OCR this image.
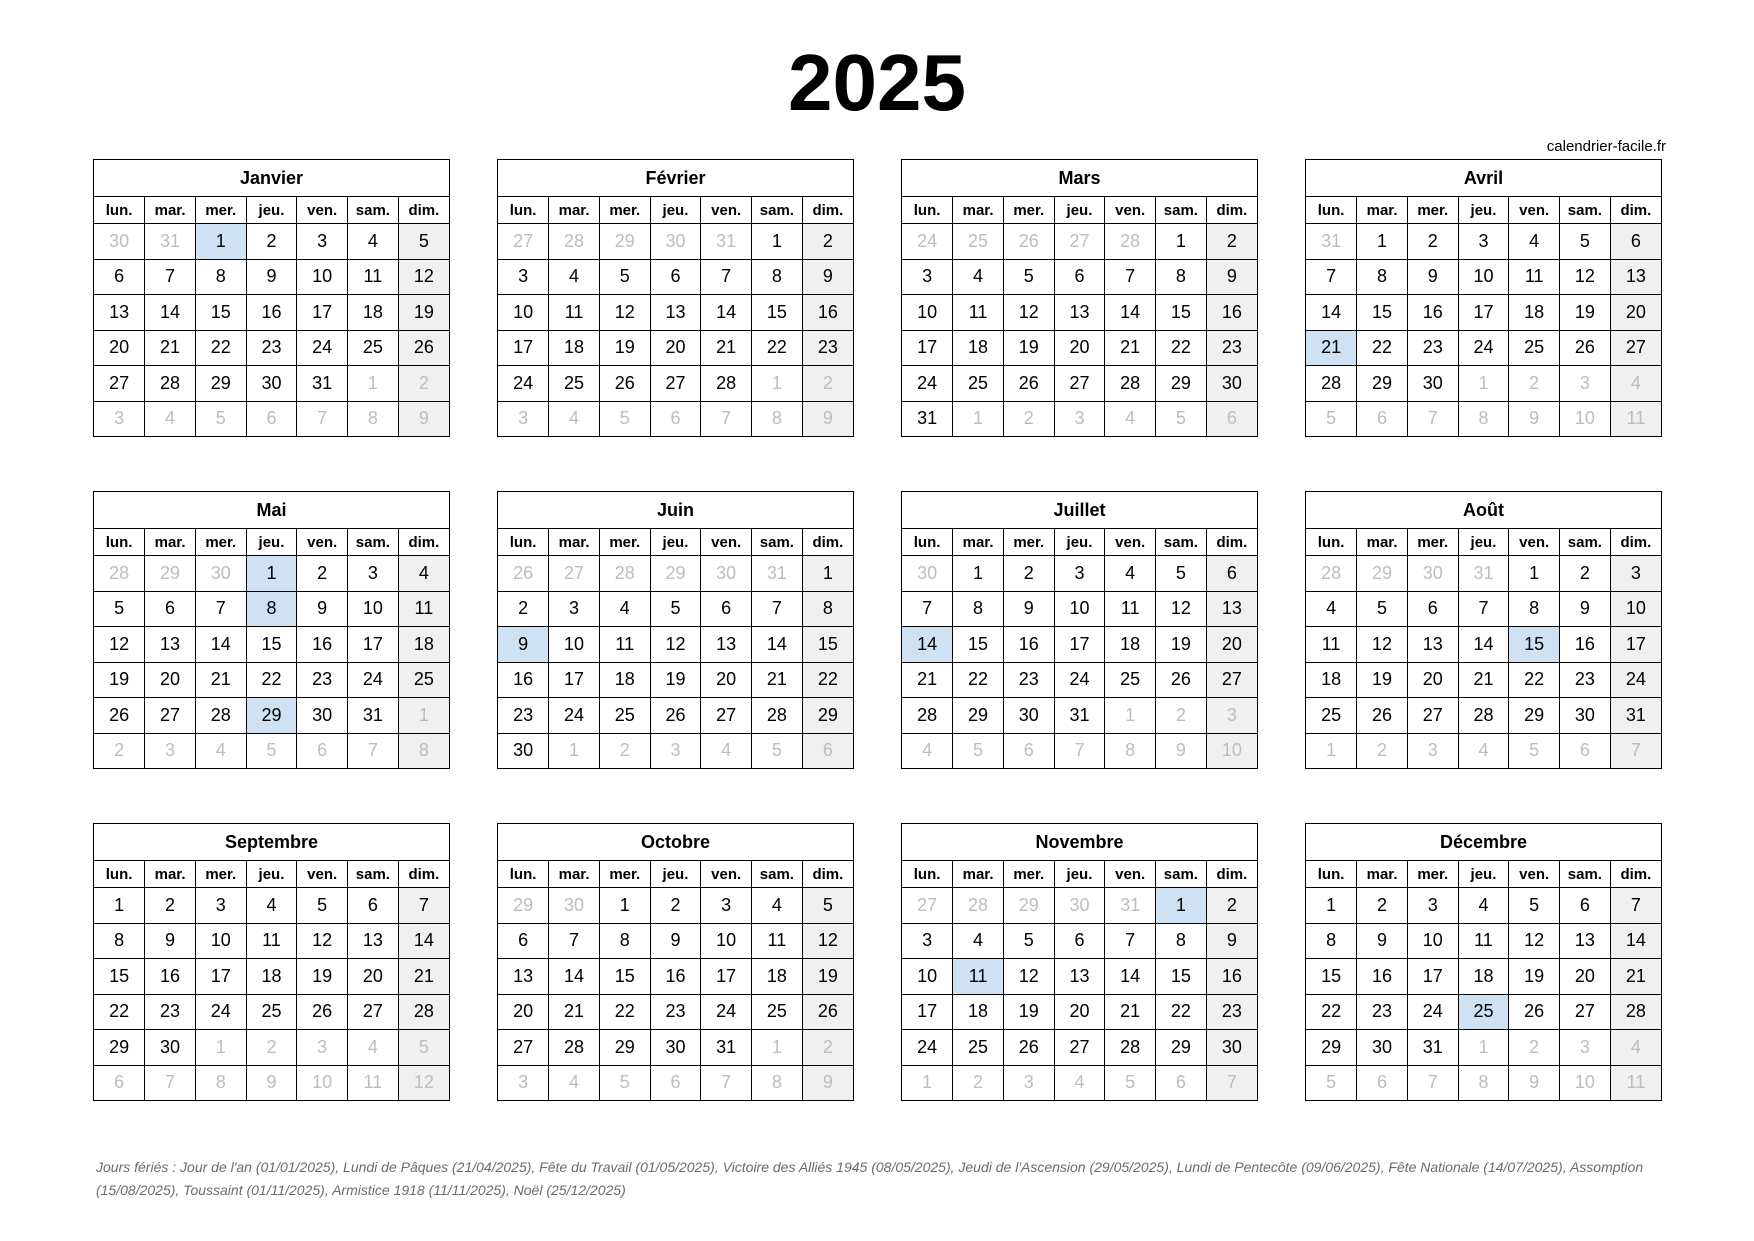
2025
calendrier-facile.fr
Janvier
lun.	mar.	mer.	jeu.	ven.	sam.	dim.
30	31	1	2	3	4	5
6	7	8	9	10	11	12
13	14	15	16	17	18	19
20	21	22	23	24	25	26
27	28	29	30	31	1	2
3	4	5	6	7	8	9
Février
lun.	mar.	mer.	jeu.	ven.	sam.	dim.
27	28	29	30	31	1	2
3	4	5	6	7	8	9
10	11	12	13	14	15	16
17	18	19	20	21	22	23
24	25	26	27	28	1	2
3	4	5	6	7	8	9
Mars
lun.	mar.	mer.	jeu.	ven.	sam.	dim.
24	25	26	27	28	1	2
3	4	5	6	7	8	9
10	11	12	13	14	15	16
17	18	19	20	21	22	23
24	25	26	27	28	29	30
31	1	2	3	4	5	6
Avril
lun.	mar.	mer.	jeu.	ven.	sam.	dim.
31	1	2	3	4	5	6
7	8	9	10	11	12	13
14	15	16	17	18	19	20
21	22	23	24	25	26	27
28	29	30	1	2	3	4
5	6	7	8	9	10	11
Mai
lun.	mar.	mer.	jeu.	ven.	sam.	dim.
28	29	30	1	2	3	4
5	6	7	8	9	10	11
12	13	14	15	16	17	18
19	20	21	22	23	24	25
26	27	28	29	30	31	1
2	3	4	5	6	7	8
Juin
lun.	mar.	mer.	jeu.	ven.	sam.	dim.
26	27	28	29	30	31	1
2	3	4	5	6	7	8
9	10	11	12	13	14	15
16	17	18	19	20	21	22
23	24	25	26	27	28	29
30	1	2	3	4	5	6
Juillet
lun.	mar.	mer.	jeu.	ven.	sam.	dim.
30	1	2	3	4	5	6
7	8	9	10	11	12	13
14	15	16	17	18	19	20
21	22	23	24	25	26	27
28	29	30	31	1	2	3
4	5	6	7	8	9	10
Août
lun.	mar.	mer.	jeu.	ven.	sam.	dim.
28	29	30	31	1	2	3
4	5	6	7	8	9	10
11	12	13	14	15	16	17
18	19	20	21	22	23	24
25	26	27	28	29	30	31
1	2	3	4	5	6	7
Septembre
lun.	mar.	mer.	jeu.	ven.	sam.	dim.
1	2	3	4	5	6	7
8	9	10	11	12	13	14
15	16	17	18	19	20	21
22	23	24	25	26	27	28
29	30	1	2	3	4	5
6	7	8	9	10	11	12
Octobre
lun.	mar.	mer.	jeu.	ven.	sam.	dim.
29	30	1	2	3	4	5
6	7	8	9	10	11	12
13	14	15	16	17	18	19
20	21	22	23	24	25	26
27	28	29	30	31	1	2
3	4	5	6	7	8	9
Novembre
lun.	mar.	mer.	jeu.	ven.	sam.	dim.
27	28	29	30	31	1	2
3	4	5	6	7	8	9
10	11	12	13	14	15	16
17	18	19	20	21	22	23
24	25	26	27	28	29	30
1	2	3	4	5	6	7
Décembre
lun.	mar.	mer.	jeu.	ven.	sam.	dim.
1	2	3	4	5	6	7
8	9	10	11	12	13	14
15	16	17	18	19	20	21
22	23	24	25	26	27	28
29	30	31	1	2	3	4
5	6	7	8	9	10	11
Jours fériés : Jour de l'an (01/01/2025), Lundi de Pâques (21/04/2025), Fête du Travail (01/05/2025), Victoire des Alliés 1945 (08/05/2025), Jeudi de l'Ascension (29/05/2025), Lundi de Pentecôte (09/06/2025), Fête Nationale (14/07/2025), Assomption (15/08/2025), Toussaint (01/11/2025), Armistice 1918 (11/11/2025), Noël (25/12/2025)
